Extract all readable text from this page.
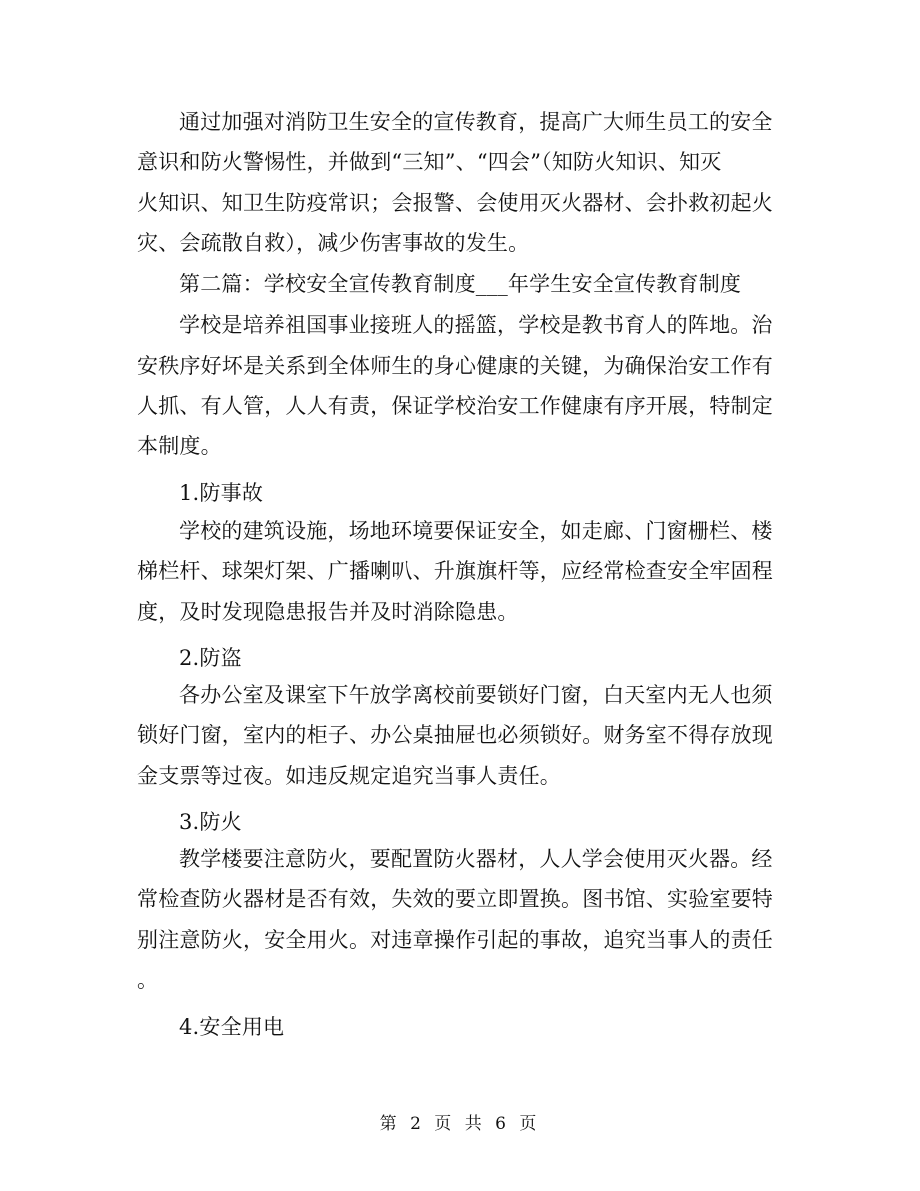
通过加强对消防卫生安全的宣传教育，提高广大师生员工的安全
意识和防火警惕性，并做到“三知”、“四会”（知防火知识、知灭
火知识、知卫生防疫常识；会报警、会使用灭火器材、会扑救初起火
灾、会疏散自救），减少伤害事故的发生。
第二篇：学校安全宣传教育制度___年学生安全宣传教育制度
学校是培养祖国事业接班人的摇篮，学校是教书育人的阵地。治
安秩序好坏是关系到全体师生的身心健康的关键，为确保治安工作有
人抓、有人管，人人有责，保证学校治安工作健康有序开展，特制定
本制度。
1.防事故
学校的建筑设施，场地环境要保证安全，如走廊、门窗栅栏、楼
梯栏杆、球架灯架、广播喇叭、升旗旗杆等，应经常检查安全牢固程
度，及时发现隐患报告并及时消除隐患。
2.防盗
各办公室及课室下午放学离校前要锁好门窗，白天室内无人也须
锁好门窗，室内的柜子、办公桌抽屉也必须锁好。财务室不得存放现
金支票等过夜。如违反规定追究当事人责任。
3.防火
教学楼要注意防火，要配置防火器材，人人学会使用灭火器。经
常检查防火器材是否有效，失效的要立即置换。图书馆、实验室要特
别注意防火，安全用火。对违章操作引起的事故，追究当事人的责任
。
4.安全用电
第 2 页 共 6 页
